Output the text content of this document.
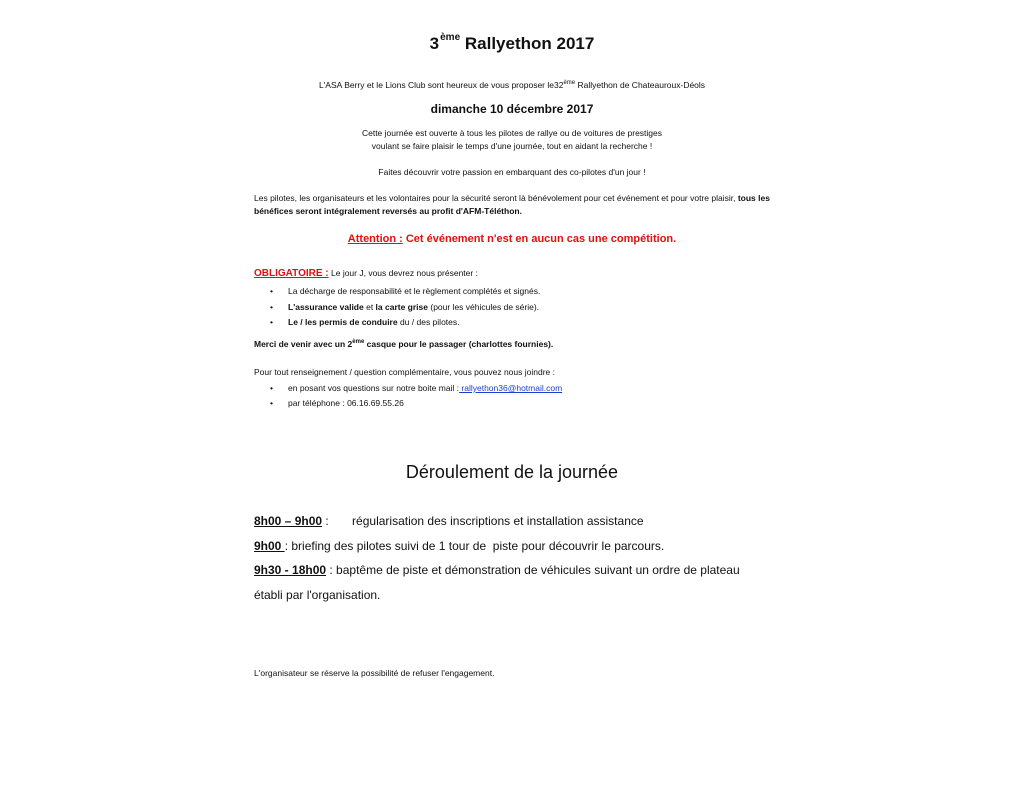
3ème Rallyethon 2017
L'ASA Berry et le Lions Club sont heureux de vous proposer le32ème Rallyethon de Chateauroux-Déols
dimanche 10 décembre 2017
Cette journée est ouverte à tous les pilotes de rallye ou de voitures de prestiges
voulant se faire plaisir le temps d'une journée, tout en aidant la recherche !
Faites découvrir votre passion en embarquant des co-pilotes d'un jour !
Les pilotes, les organisateurs et les volontaires pour la sécurité seront là bénévolement pour cet événement et pour votre plaisir, tous les bénéfices seront intégralement reversés au profit d'AFM-Téléthon.
Attention : Cet événement n'est en aucun cas une compétition.
OBLIGATOIRE : Le jour J, vous devrez nous présenter :
• La décharge de responsabilité et le règlement complétés et signés.
• L'assurance valide et la carte grise (pour les véhicules de série).
• Le / les permis de conduire du / des pilotes.
Merci de venir avec un 2ème casque pour le passager (charlottes fournies).
Pour tout renseignement / question complémentaire, vous pouvez nous joindre :
• en posant vos questions sur notre boite mail : rallyethon36@hotmail.com
• par téléphone : 06.16.69.55.26
Déroulement de la journée
8h00 – 9h00 :       régularisation des inscriptions et installation assistance
9h00 : briefing des pilotes suivi de 1 tour de  piste pour découvrir le parcours.
9h30 - 18h00 : baptême de piste et démonstration de véhicules suivant un ordre de plateau
établi par l'organisation.
L'organisateur se réserve la possibilité de refuser l'engagement.
